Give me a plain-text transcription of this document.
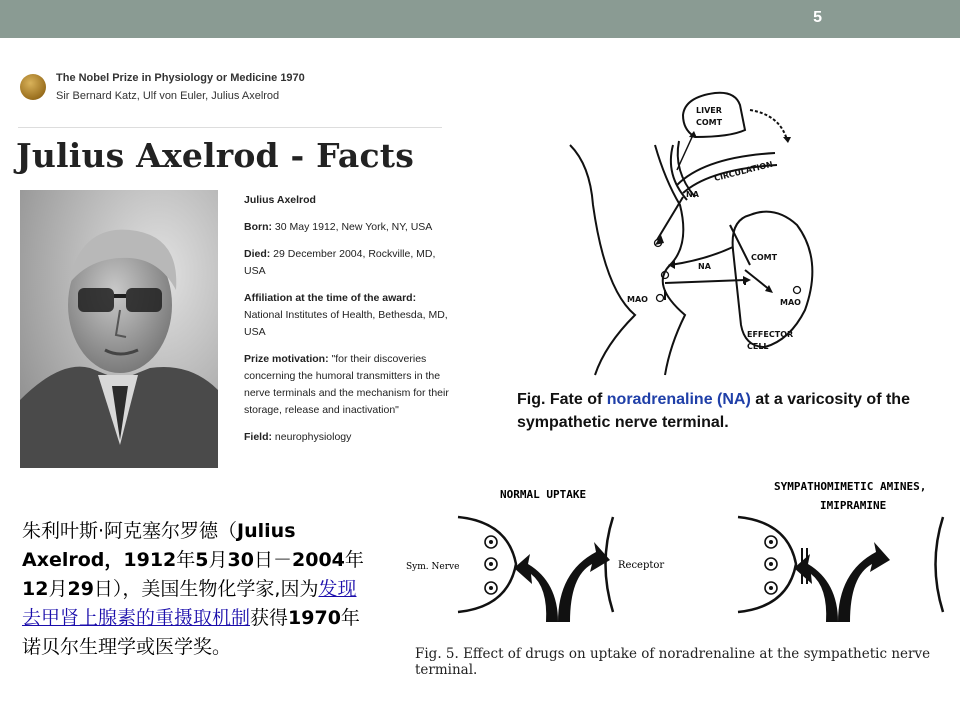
5
The Nobel Prize in Physiology or Medicine 1970
Sir Bernard Katz, Ulf von Euler, Julius Axelrod
Julius Axelrod - Facts

Julius Axelrod

Born: 30 May 1912, New York, NY, USA

Died: 29 December 2004, Rockville, MD, USA

Affiliation at the time of the award: National Institutes of Health, Bethesda, MD, USA

Prize motivation: "for their discoveries concerning the humoral transmitters in the nerve terminals and the mechanism for their storage, release and inactivation"

Field: neurophysiology

朱利叶斯·阿克塞尔罗德（Julius Axelrod，1912年5月30日－2004年12月29日），美国生物化学家,因为发现去甲肾上腺素的重摄取机制获得1970年诺贝尔生理学或医学奖。
LIVER
COMT
CIRCULATION
NA
NA
COMT
MAO	MAO
EFFECTOR
CELL
Fig. Fate of noradrenaline (NA) at a varicosity of the sympathetic nerve terminal.
NORMAL UPTAKE
SYMPATHOMIMETIC AMINES,
IMIPRAMINE
Sym. Nerve	Receptor
Fig. 5. Effect of drugs on uptake of noradrenaline at the sympathetic nerve terminal.
